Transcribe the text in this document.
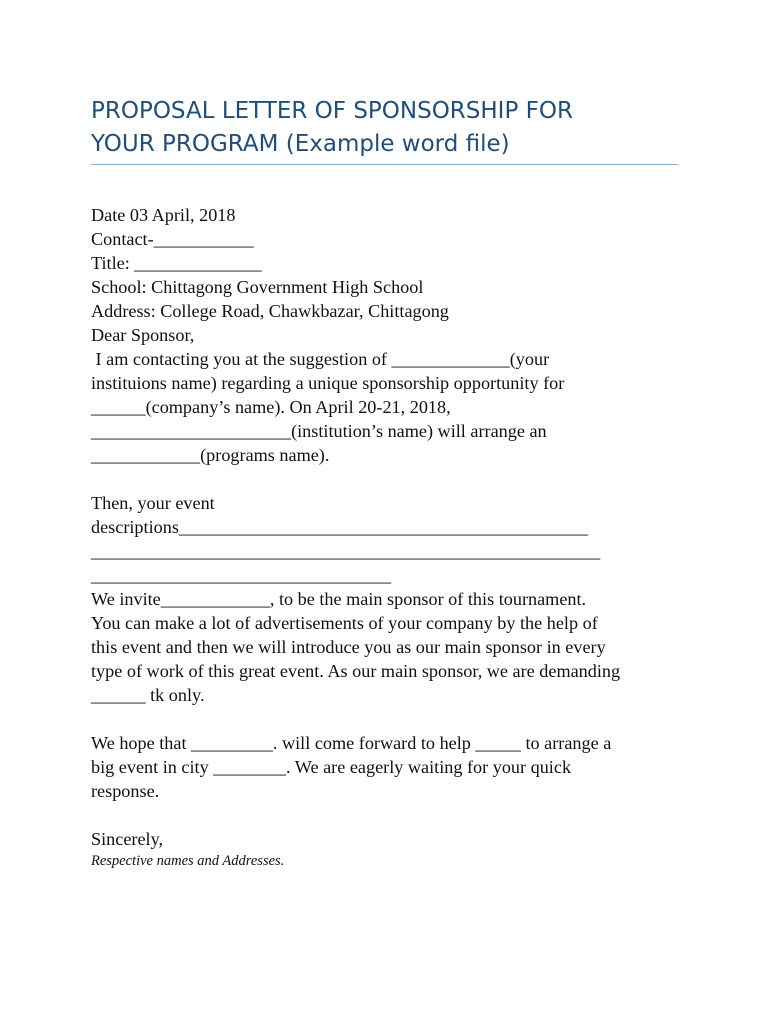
PROPOSAL LETTER OF SPONSORSHIP FOR
YOUR PROGRAM (Example word file)
Date 03 April, 2018
Contact-___________
Title: ______________
School: Chittagong Government High School
Address: College Road, Chawkbazar, Chittagong
Dear Sponsor,
I am contacting you at the suggestion of _____________(your
instituions name) regarding a unique sponsorship opportunity for
______(company’s name). On April 20-21, 2018,
______________________(institution’s name) will arrange an
____________(programs name).
Then, your event
descriptions_____________________________________________
________________________________________________________
_________________________________
We invite____________, to be the main sponsor of this tournament.
You can make a lot of advertisements of your company by the help of
this event and then we will introduce you as our main sponsor in every
type of work of this great event. As our main sponsor, we are demanding
______ tk only.
We hope that _________. will come forward to help _____ to arrange a
big event in city ________. We are eagerly waiting for your quick
response.
Sincerely,
Respective names and Addresses.
